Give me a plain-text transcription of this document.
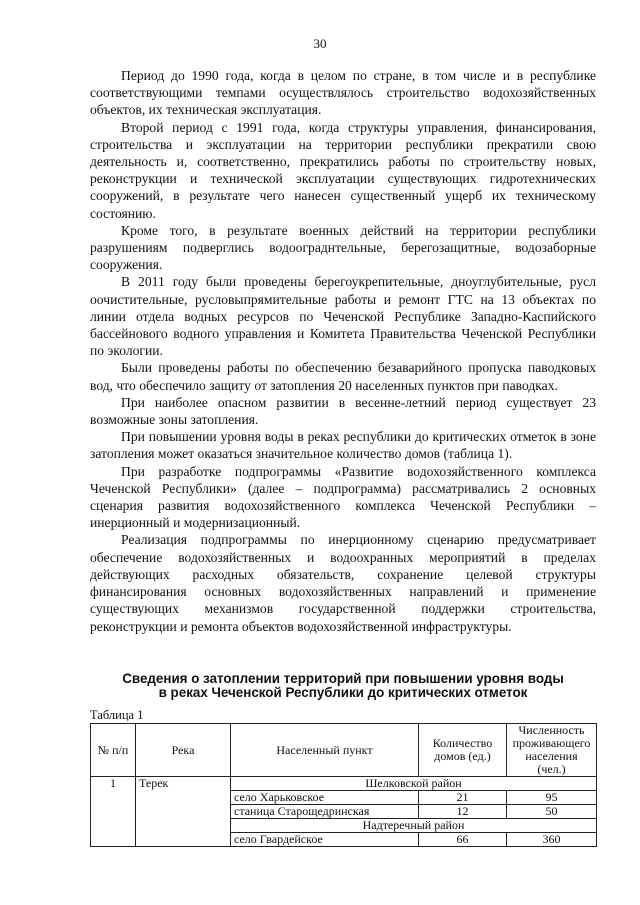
30

Период до 1990 года, когда в целом по стране, в том числе и в республике соответствующими темпами осуществлялось строительство водохозяйственных объектов, их техническая эксплуатация.

Второй период с 1991 года, когда структуры управления, финансирования, строительства и эксплуатации на территории республики прекратили свою деятельность и, соответственно, прекратились работы по строительству новых, реконструкции и технической эксплуатации существующих гидротехнических сооружений, в результате чего нанесен существенный ущерб их техническому состоянию.

Кроме того, в результате военных действий на территории республики разрушениям подверглись водоограднтельные, берегозащитные, водозаборные сооружения.

В 2011 году были проведены берегоукрепительные, дноуглубительные, русл оочистительные, русловыпрямительные работы и ремонт ГТС на 13 объектах по линии отдела водных ресурсов по Чеченской Республике Западно-Каспийского бассейнового водного управления и Комитета Правительства Чеченской Республики по экологии.

Были проведены работы по обеспечению безаварийного пропуска паводковых вод, что обеспечило защиту от затопления 20 населенных пунктов при паводках.

При наиболее опасном развитии в весенне-летний период существует 23 возможные зоны затопления.

При повышении уровня воды в реках республики до критических отметок в зоне затопления может оказаться значительное количество домов (таблица 1).

При разработке подпрограммы «Развитие водохозяйственного комплекса Чеченской Республики» (далее – подпрограмма) рассматривались 2 основных сценария развития водохозяйственного комплекса Чеченской Республики – инерционный и модернизационный.

Реализация подпрограммы по инерционному сценарию предусматривает обеспечение водохозяйственных и водоохранных мероприятий в пределах действующих расходных обязательств, сохранение целевой структуры финансирования основных водохозяйственных направлений и применение существующих механизмов государственной поддержки строительства, реконструкции и ремонта объектов водохозяйственной инфраструктуры.

Сведения о затоплении территорий при повышении уровня воды
в реках Чеченской Республики до критических отметок
Таблица 1
№ п/п	Река	Населенный пункт	Количество домов (ед.)	Численность проживающего населения (чел.)
1	Терек	Шелковской район		
		село Харьковское	21	95
		станица Старощедринская	12	50
		Надтеречный район		
		село Гвардейское	66	360
